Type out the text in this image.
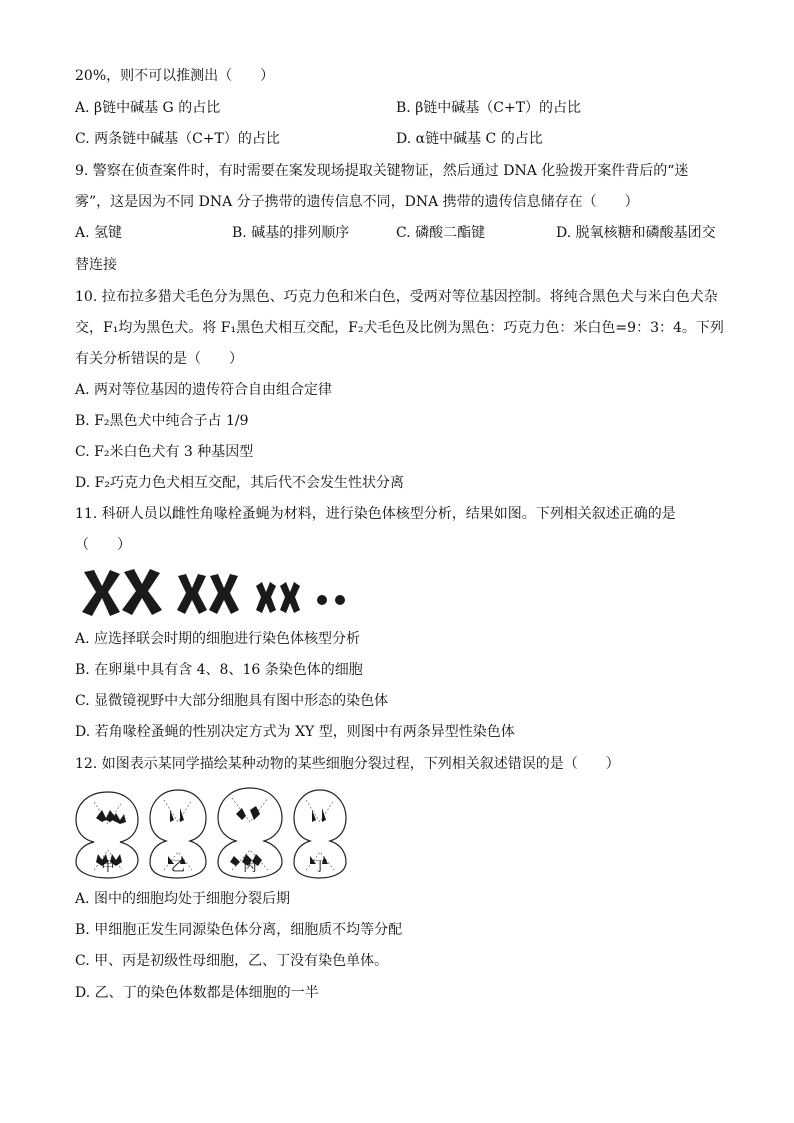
20%，则不可以推测出（　　）
A. β链中碱基 G 的占比	B. β链中碱基（C+T）的占比
C. 两条链中碱基（C+T）的占比	D. α链中碱基 C 的占比
9. 警察在侦查案件时，有时需要在案发现场提取关键物证，然后通过 DNA 化验拨开案件背后的“迷
雾”，这是因为不同 DNA 分子携带的遗传信息不同，DNA 携带的遗传信息储存在（　　）
A. 氢键	B. 碱基的排列顺序	C. 磷酸二酯键	D. 脱氧核糖和磷酸基团交
替连接
10. 拉布拉多猎犬毛色分为黑色、巧克力色和米白色，受两对等位基因控制。将纯合黑色犬与米白色犬杂
交，F₁均为黑色犬。将 F₁黑色犬相互交配，F₂犬毛色及比例为黑色：巧克力色：米白色=9：3：4。下列
有关分析错误的是（　　）
A. 两对等位基因的遗传符合自由组合定律
B. F₂黑色犬中纯合子占 1/9
C. F₂米白色犬有 3 种基因型
D. F₂巧克力色犬相互交配，其后代不会发生性状分离
11. 科研人员以雌性角喙栓蚤蝇为材料，进行染色体核型分析，结果如图。下列相关叙述正确的是
（　　）
A. 应选择联会时期的细胞进行染色体核型分析
B. 在卵巢中具有含 4、8、16 条染色体的细胞
C. 显微镜视野中大部分细胞具有图中形态的染色体
D. 若角喙栓蚤蝇的性别决定方式为 XY 型，则图中有两条异型性染色体
12. 如图表示某同学描绘某种动物的某些细胞分裂过程，下列相关叙述错误的是（　　）
甲	乙	丙	丁
A. 图中的细胞均处于细胞分裂后期
B. 甲细胞正发生同源染色体分离，细胞质不均等分配
C. 甲、丙是初级性母细胞，乙、丁没有染色单体。
D. 乙、丁的染色体数都是体细胞的一半
